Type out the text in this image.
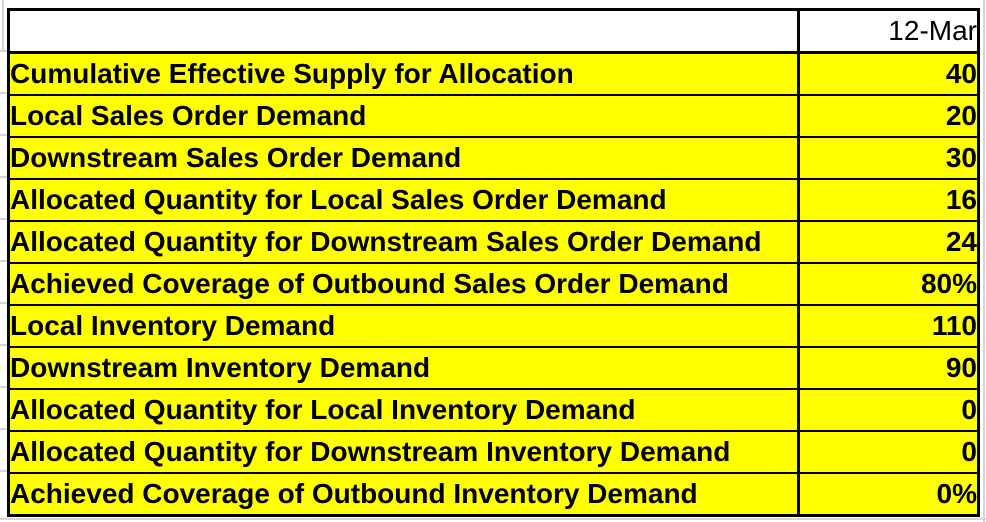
	12-Mar
Cumulative Effective Supply for Allocation	40
Local Sales Order Demand	20
Downstream Sales Order Demand	30
Allocated Quantity for Local Sales Order Demand	16
Allocated Quantity for Downstream Sales Order Demand	24
Achieved Coverage of Outbound Sales Order Demand	80%
Local Inventory Demand	110
Downstream Inventory Demand	90
Allocated Quantity for Local Inventory Demand	0
Allocated Quantity for Downstream Inventory Demand	0
Achieved Coverage of Outbound Inventory Demand	0%
